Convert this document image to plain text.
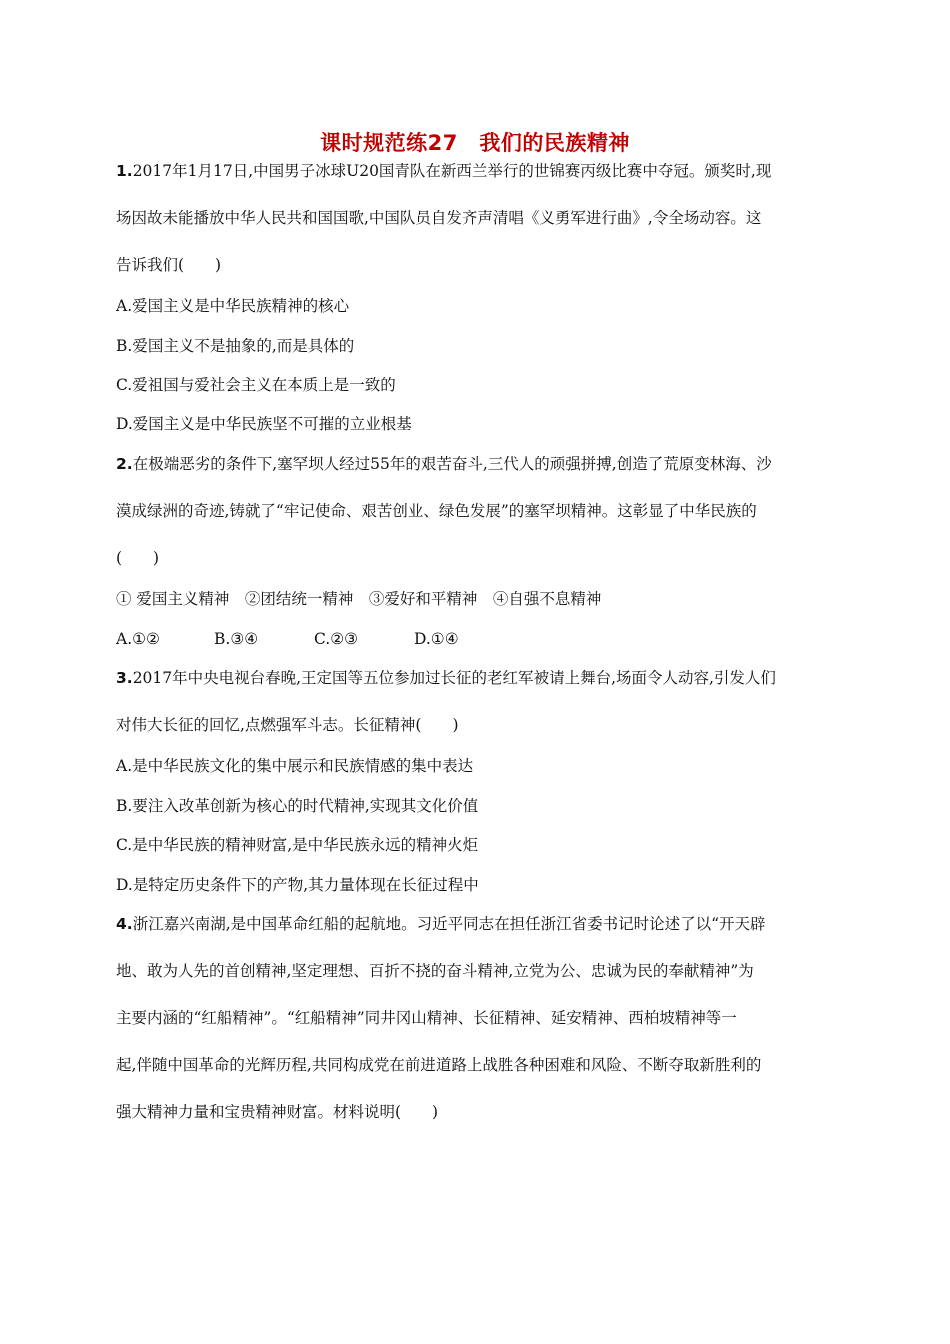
课时规范练27　我们的民族精神
1.2017年1月17日,中国男子冰球U20国青队在新西兰举行的世锦赛丙级比赛中夺冠。颁奖时,现
场因故未能播放中华人民共和国国歌,中国队员自发齐声清唱《义勇军进行曲》,令全场动容。这
告诉我们(　　)
A.爱国主义是中华民族精神的核心
B.爱国主义不是抽象的,而是具体的
C.爱祖国与爱社会主义在本质上是一致的
D.爱国主义是中华民族坚不可摧的立业根基
2.在极端恶劣的条件下,塞罕坝人经过55年的艰苦奋斗,三代人的顽强拼搏,创造了荒原变林海、沙
漠成绿洲的奇迹,铸就了“牢记使命、艰苦创业、绿色发展”的塞罕坝精神。这彰显了中华民族的
(　　)
① 爱国主义精神　②团结统一精神　③爱好和平精神　④自强不息精神
A.①②	B.③④	C.②③	D.①④
3.2017年中央电视台春晚,王定国等五位参加过长征的老红军被请上舞台,场面令人动容,引发人们
对伟大长征的回忆,点燃强军斗志。长征精神(　　)
A.是中华民族文化的集中展示和民族情感的集中表达
B.要注入改革创新为核心的时代精神,实现其文化价值
C.是中华民族的精神财富,是中华民族永远的精神火炬
D.是特定历史条件下的产物,其力量体现在长征过程中
4.浙江嘉兴南湖,是中国革命红船的起航地。习近平同志在担任浙江省委书记时论述了以“开天辟
地、敢为人先的首创精神,坚定理想、百折不挠的奋斗精神,立党为公、忠诚为民的奉献精神”为
主要内涵的“红船精神”。“红船精神”同井冈山精神、长征精神、延安精神、西柏坡精神等一
起,伴随中国革命的光辉历程,共同构成党在前进道路上战胜各种困难和风险、不断夺取新胜利的
强大精神力量和宝贵精神财富。材料说明(　　)
